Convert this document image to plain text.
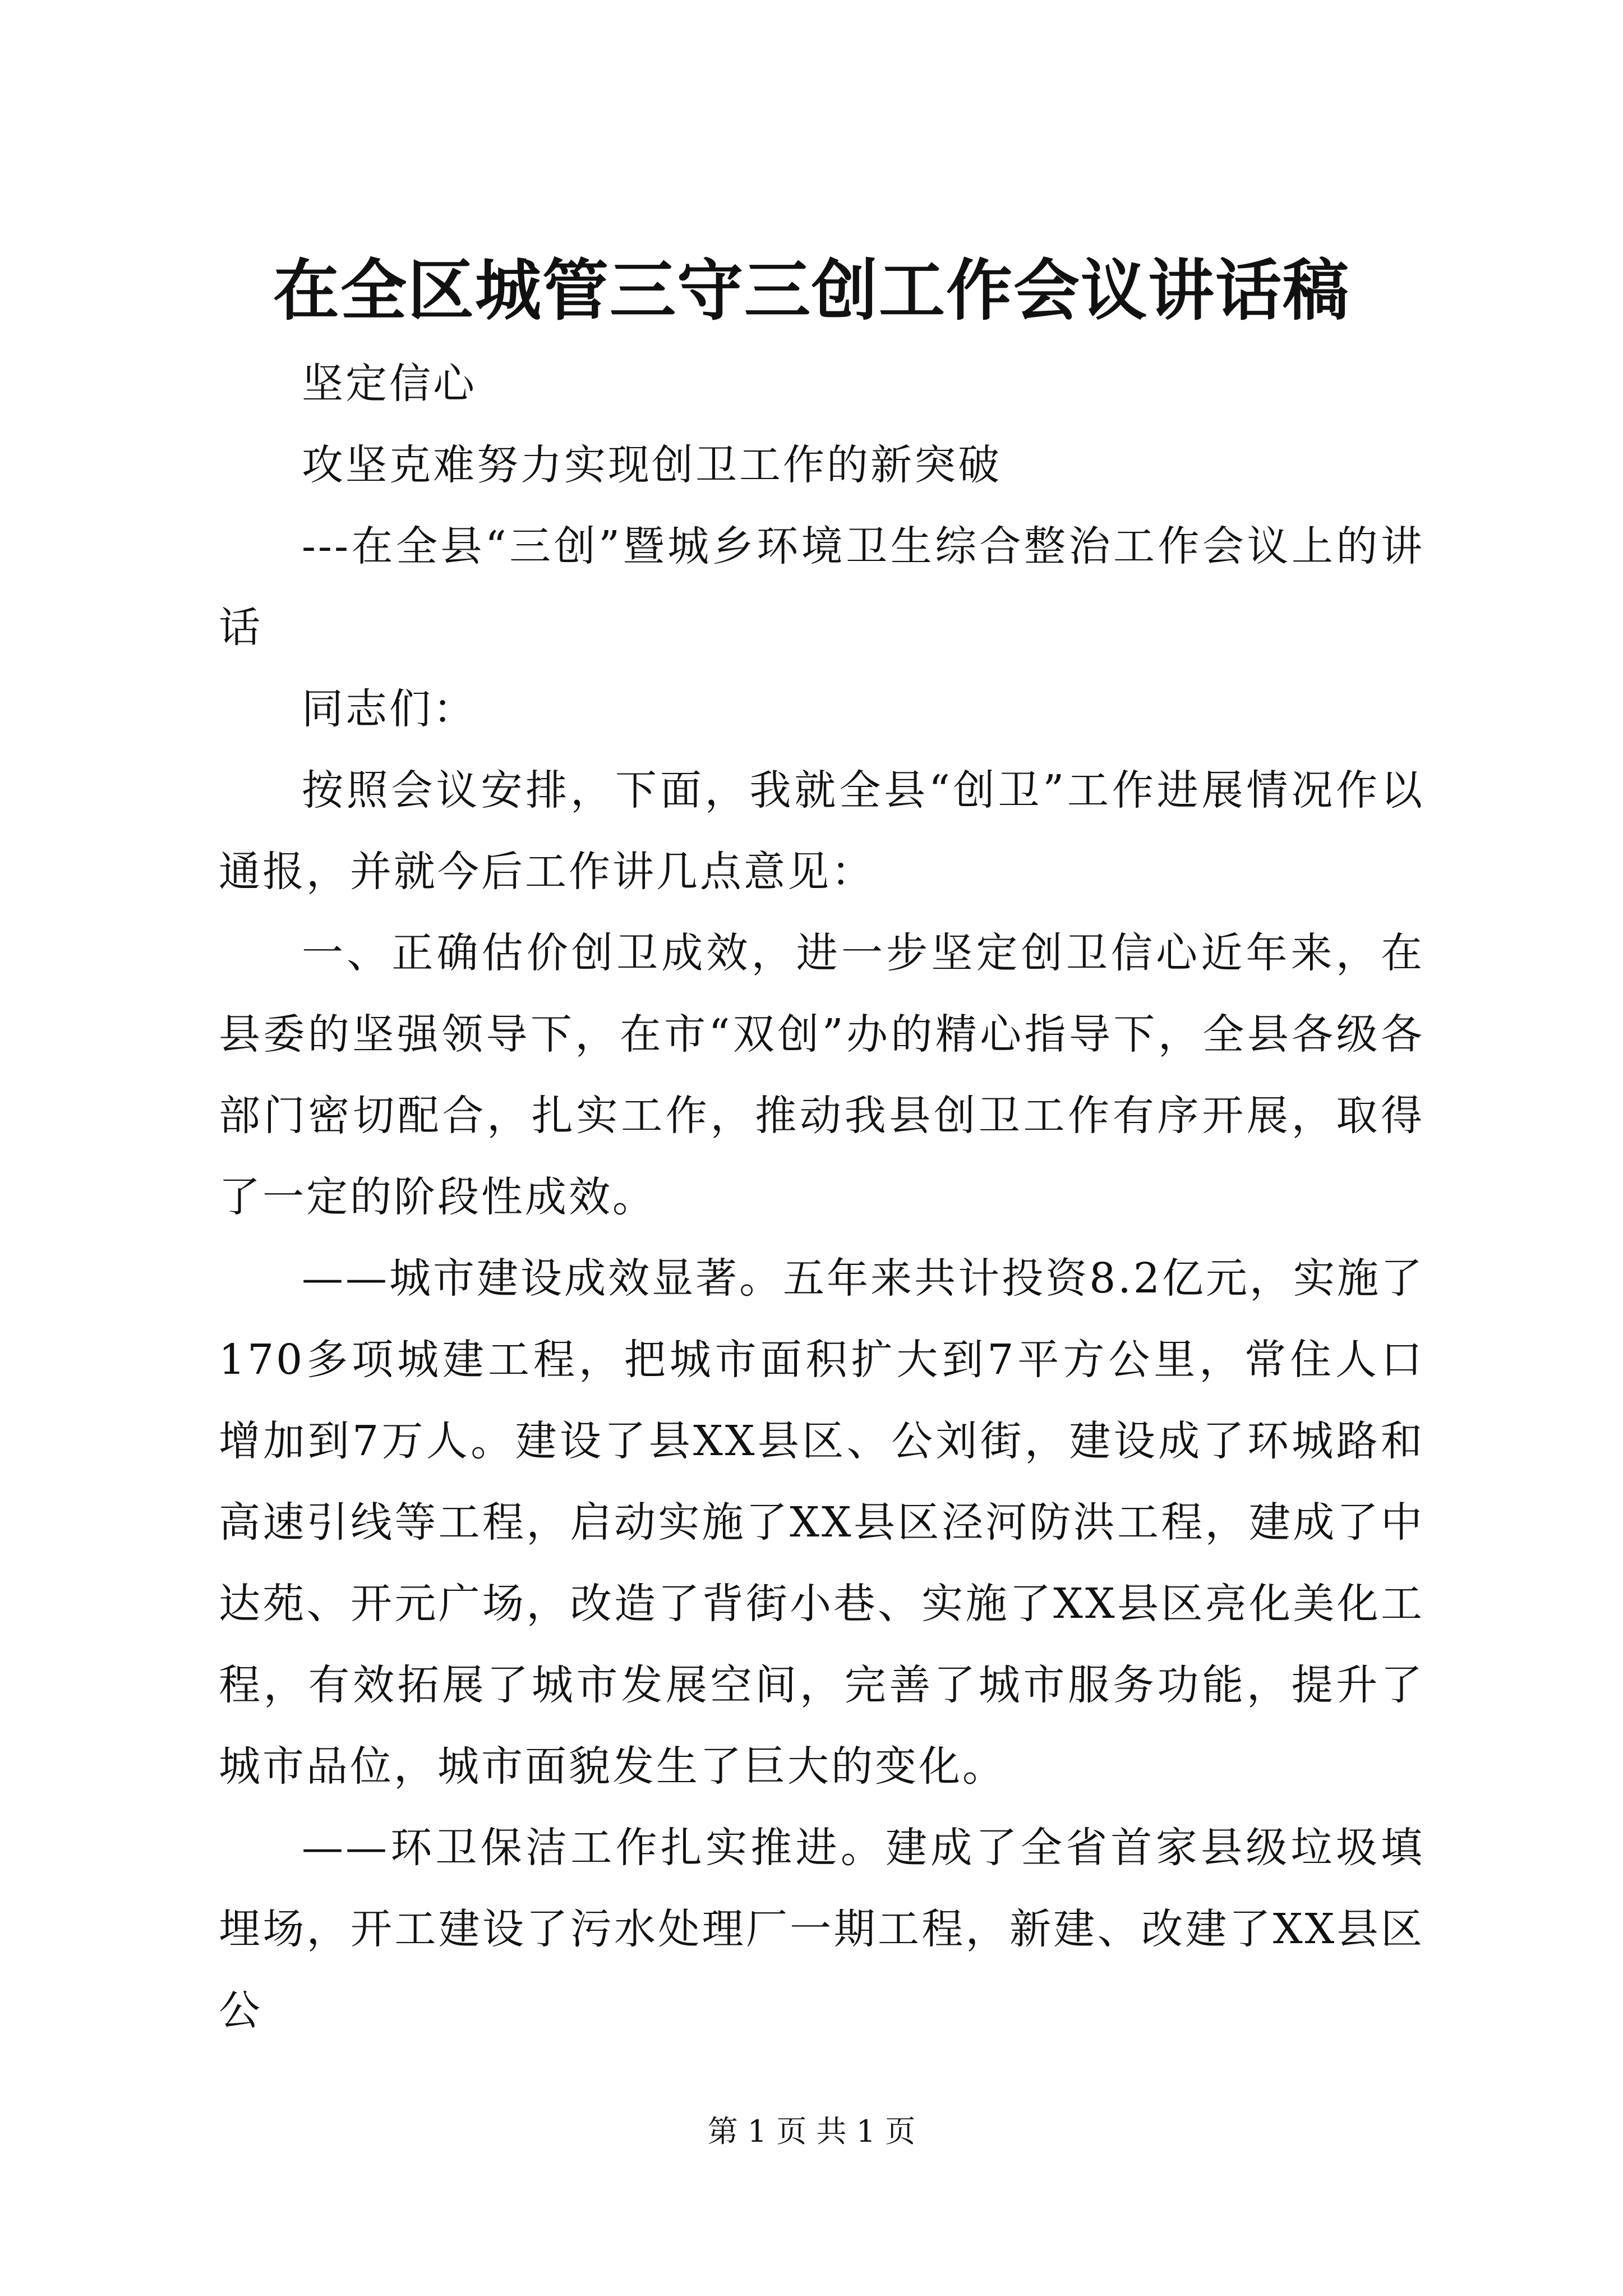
在全区城管三守三创工作会议讲话稿

坚定信心

攻坚克难努力实现创卫工作的新突破

---在全县“三创”暨城乡环境卫生综合整治工作会议上的讲话

同志们：

按照会议安排，下面，我就全县“创卫”工作进展情况作以通报，并就今后工作讲几点意见：

一、正确估价创卫成效，进一步坚定创卫信心近年来，在县委的坚强领导下，在市“双创”办的精心指导下，全县各级各部门密切配合，扎实工作，推动我县创卫工作有序开展，取得了一定的阶段性成效。

——城市建设成效显著。五年来共计投资8.2亿元，实施了170多项城建工程，把城市面积扩大到7平方公里，常住人口增加到7万人。建设了县XX县区、公刘街，建设成了环城路和高速引线等工程，启动实施了XX县区泾河防洪工程，建成了中达苑、开元广场，改造了背街小巷、实施了XX县区亮化美化工程，有效拓展了城市发展空间，完善了城市服务功能，提升了城市品位，城市面貌发生了巨大的变化。

——环卫保洁工作扎实推进。建成了全省首家县级垃圾填埋场，开工建设了污水处理厂一期工程，新建、改建了XX县区公

第 1 页 共 1 页
